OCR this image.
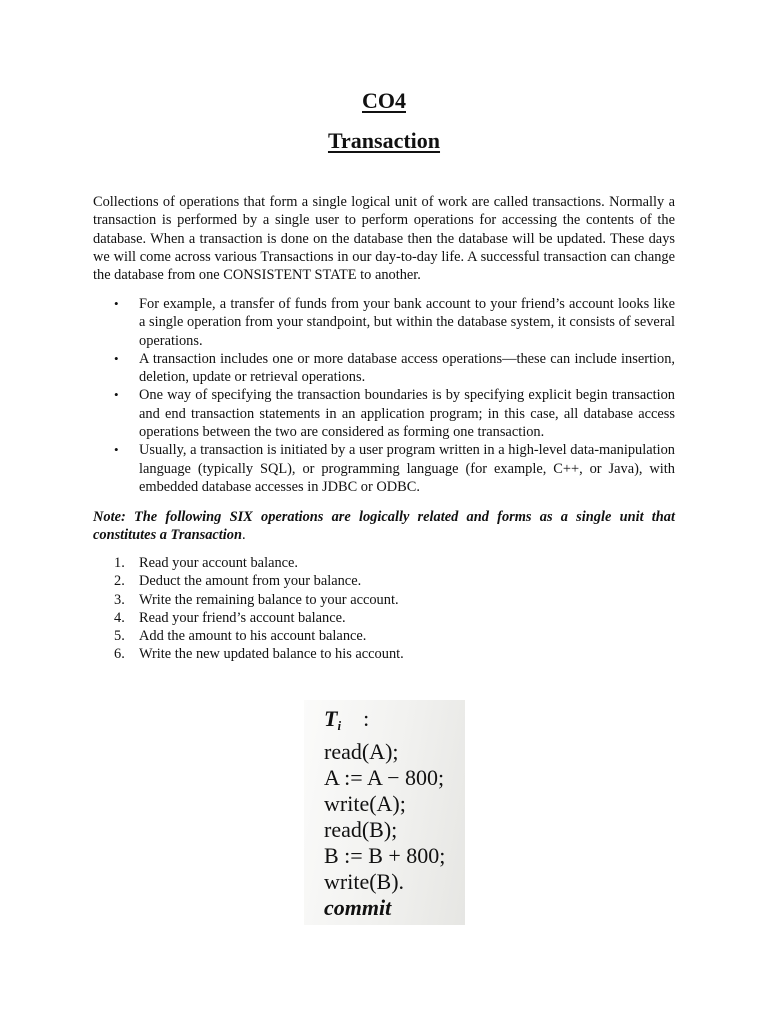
CO4
Transaction

Collections of operations that form a single logical unit of work are called transactions. Normally a transaction is performed by a single user to perform operations for accessing the contents of the database. When a transaction is done on the database then the database will be updated. These days we will come across various Transactions in our day-to-day life. A successful transaction can change the database from one CONSISTENT STATE to another.

• For example, a transfer of funds from your bank account to your friend’s account looks like a single operation from your standpoint, but within the database system, it consists of several operations.
• A transaction includes one or more database access operations—these can include insertion, deletion, update or retrieval operations.
• One way of specifying the transaction boundaries is by specifying explicit begin transaction and end transaction statements in an application program; in this case, all database access operations between the two are considered as forming one transaction.
• Usually, a transaction is initiated by a user program written in a high-level data-manipulation language (typically SQL), or programming language (for example, C++, or Java), with embedded database accesses in JDBC or ODBC.

Note: The following SIX operations are logically related and forms as a single unit that constitutes a Transaction.

1. Read your account balance.
2. Deduct the amount from your balance.
3. Write the remaining balance to your account.
4. Read your friend’s account balance.
5. Add the amount to his account balance.
6. Write the new updated balance to his account.
$T_i$ :
read(A);
A := A − 800;
write(A);
read(B);
B := B + 800;
write(B).
commit
